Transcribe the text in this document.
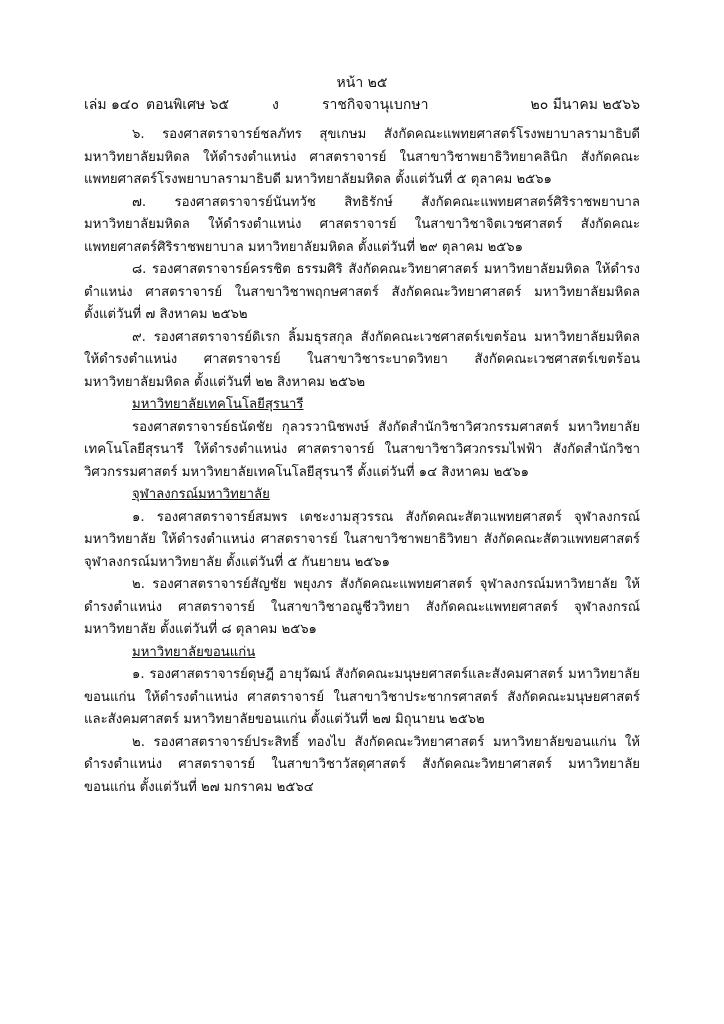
หน้า ๒๕
เล่ม ๑๔๐ ตอนพิเศษ ๖๕	ง	ราชกิจจานุเบกษา	๒๐ มีนาคม ๒๕๖๖

๖. รองศาสตราจารย์ชลภัทร สุขเกษม สังกัดคณะแพทยศาสตร์โรงพยาบาลรามาธิบดี มหาวิทยาลัยมหิดล ให้ดำรงตำแหน่ง ศาสตราจารย์ ในสาขาวิชาพยาธิวิทยาคลินิก สังกัดคณะแพทยศาสตร์โรงพยาบาลรามาธิบดี มหาวิทยาลัยมหิดล ตั้งแต่วันที่ ๕ ตุลาคม ๒๕๖๑

๗. รองศาสตราจารย์นันทวัช สิทธิรักษ์ สังกัดคณะแพทยศาสตร์ศิริราชพยาบาล มหาวิทยาลัยมหิดล ให้ดำรงตำแหน่ง ศาสตราจารย์ ในสาขาวิชาจิตเวชศาสตร์ สังกัดคณะแพทยศาสตร์ศิริราชพยาบาล มหาวิทยาลัยมหิดล ตั้งแต่วันที่ ๒๙ ตุลาคม ๒๕๖๑

๘. รองศาสตราจารย์ครรชิต ธรรมศิริ สังกัดคณะวิทยาศาสตร์ มหาวิทยาลัยมหิดล ให้ดำรงตำแหน่ง ศาสตราจารย์ ในสาขาวิชาพฤกษศาสตร์ สังกัดคณะวิทยาศาสตร์ มหาวิทยาลัยมหิดล ตั้งแต่วันที่ ๗ สิงหาคม ๒๕๖๒

๙. รองศาสตราจารย์ดิเรก ลิ้มมธุรสกุล สังกัดคณะเวชศาสตร์เขตร้อน มหาวิทยาลัยมหิดล ให้ดำรงตำแหน่ง ศาสตราจารย์ ในสาขาวิชาระบาดวิทยา สังกัดคณะเวชศาสตร์เขตร้อน มหาวิทยาลัยมหิดล ตั้งแต่วันที่ ๒๒ สิงหาคม ๒๕๖๒

มหาวิทยาลัยเทคโนโลยีสุรนารี

รองศาสตราจารย์ธนัดชัย กุลวรวานิชพงษ์ สังกัดสำนักวิชาวิศวกรรมศาสตร์ มหาวิทยาลัยเทคโนโลยีสุรนารี ให้ดำรงตำแหน่ง ศาสตราจารย์ ในสาขาวิชาวิศวกรรมไฟฟ้า สังกัดสำนักวิชาวิศวกรรมศาสตร์ มหาวิทยาลัยเทคโนโลยีสุรนารี ตั้งแต่วันที่ ๑๔ สิงหาคม ๒๕๖๑

จุฬาลงกรณ์มหาวิทยาลัย

๑. รองศาสตราจารย์สมพร เตชะงามสุวรรณ สังกัดคณะสัตวแพทยศาสตร์ จุฬาลงกรณ์มหาวิทยาลัย ให้ดำรงตำแหน่ง ศาสตราจารย์ ในสาขาวิชาพยาธิวิทยา สังกัดคณะสัตวแพทยศาสตร์ จุฬาลงกรณ์มหาวิทยาลัย ตั้งแต่วันที่ ๕ กันยายน ๒๕๖๑

๒. รองศาสตราจารย์สัญชัย พยุงภร สังกัดคณะแพทยศาสตร์ จุฬาลงกรณ์มหาวิทยาลัย ให้ดำรงตำแหน่ง ศาสตราจารย์ ในสาขาวิชาอณูชีววิทยา สังกัดคณะแพทยศาสตร์ จุฬาลงกรณ์มหาวิทยาลัย ตั้งแต่วันที่ ๘ ตุลาคม ๒๕๖๑

มหาวิทยาลัยขอนแก่น

๑. รองศาสตราจารย์ดุษฎี อายุวัฒน์ สังกัดคณะมนุษยศาสตร์และสังคมศาสตร์ มหาวิทยาลัยขอนแก่น ให้ดำรงตำแหน่ง ศาสตราจารย์ ในสาขาวิชาประชากรศาสตร์ สังกัดคณะมนุษยศาสตร์และสังคมศาสตร์ มหาวิทยาลัยขอนแก่น ตั้งแต่วันที่ ๒๗ มิถุนายน ๒๕๖๒

๒. รองศาสตราจารย์ประสิทธิ์ ทองไบ สังกัดคณะวิทยาศาสตร์ มหาวิทยาลัยขอนแก่น ให้ดำรงตำแหน่ง ศาสตราจารย์ ในสาขาวิชาวัสดุศาสตร์ สังกัดคณะวิทยาศาสตร์ มหาวิทยาลัยขอนแก่น ตั้งแต่วันที่ ๒๗ มกราคม ๒๕๖๔
